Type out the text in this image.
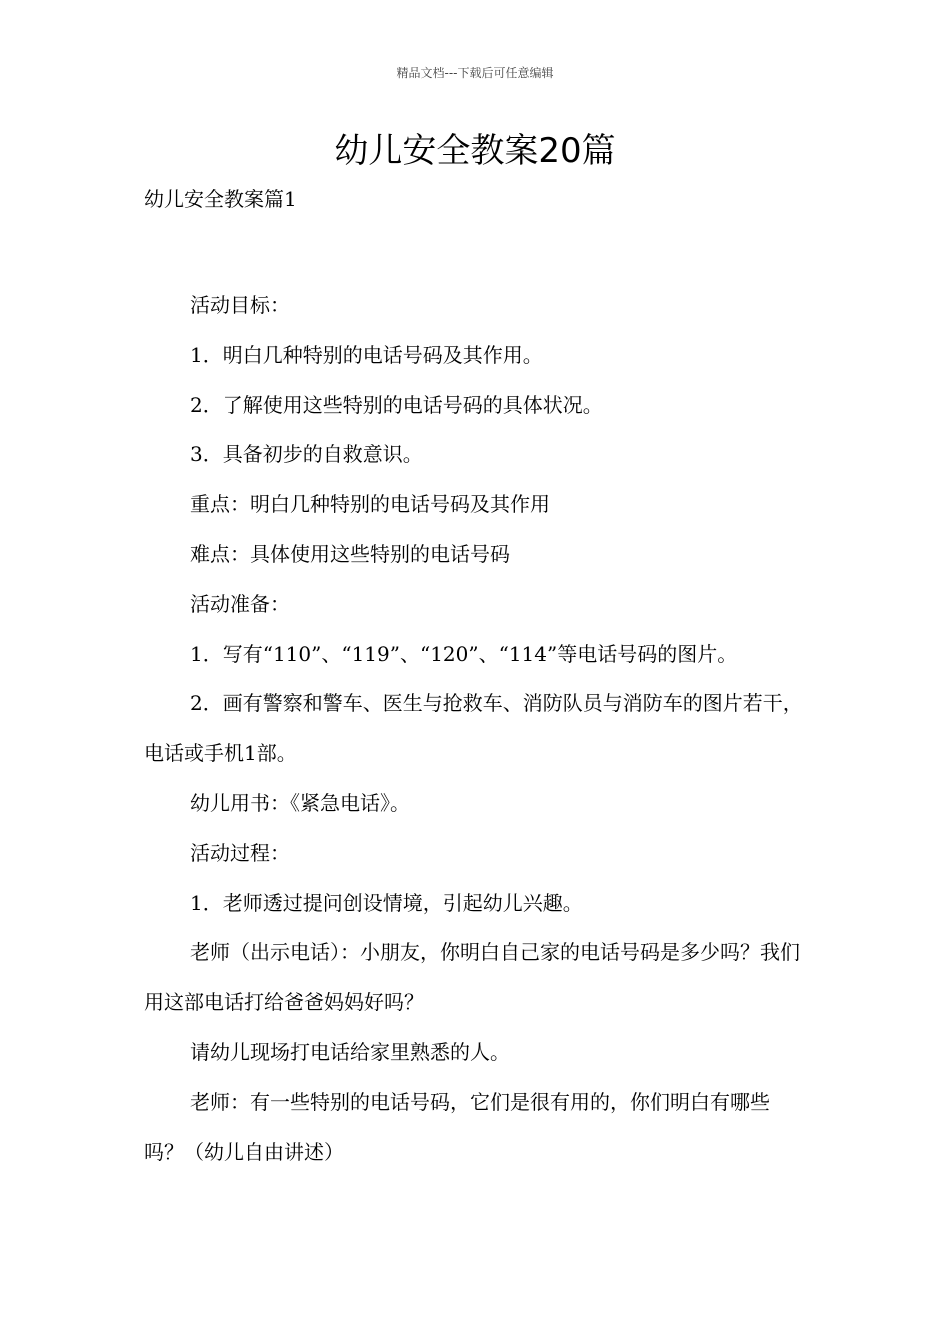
精品文档---下载后可任意编辑
幼儿安全教案20篇
幼儿安全教案篇1

活动目标：

1．明白几种特别的电话号码及其作用。

2．了解使用这些特别的电话号码的具体状况。

3．具备初步的自救意识。

重点：明白几种特别的电话号码及其作用

难点：具体使用这些特别的电话号码

活动准备：

1．写有“110”、“119”、“120”、“114”等电话号码的图片。

2．画有警察和警车、医生与抢救车、消防队员与消防车的图片若干，电话或手机1部。

幼儿用书：《紧急电话》。

活动过程：

1．老师透过提问创设情境，引起幼儿兴趣。

老师（出示电话）：小朋友，你明白自己家的电话号码是多少吗？我们用这部电话打给爸爸妈妈好吗？

请幼儿现场打电话给家里熟悉的人。

老师：有一些特别的电话号码，它们是很有用的，你们明白有哪些吗？（幼儿自由讲述）
